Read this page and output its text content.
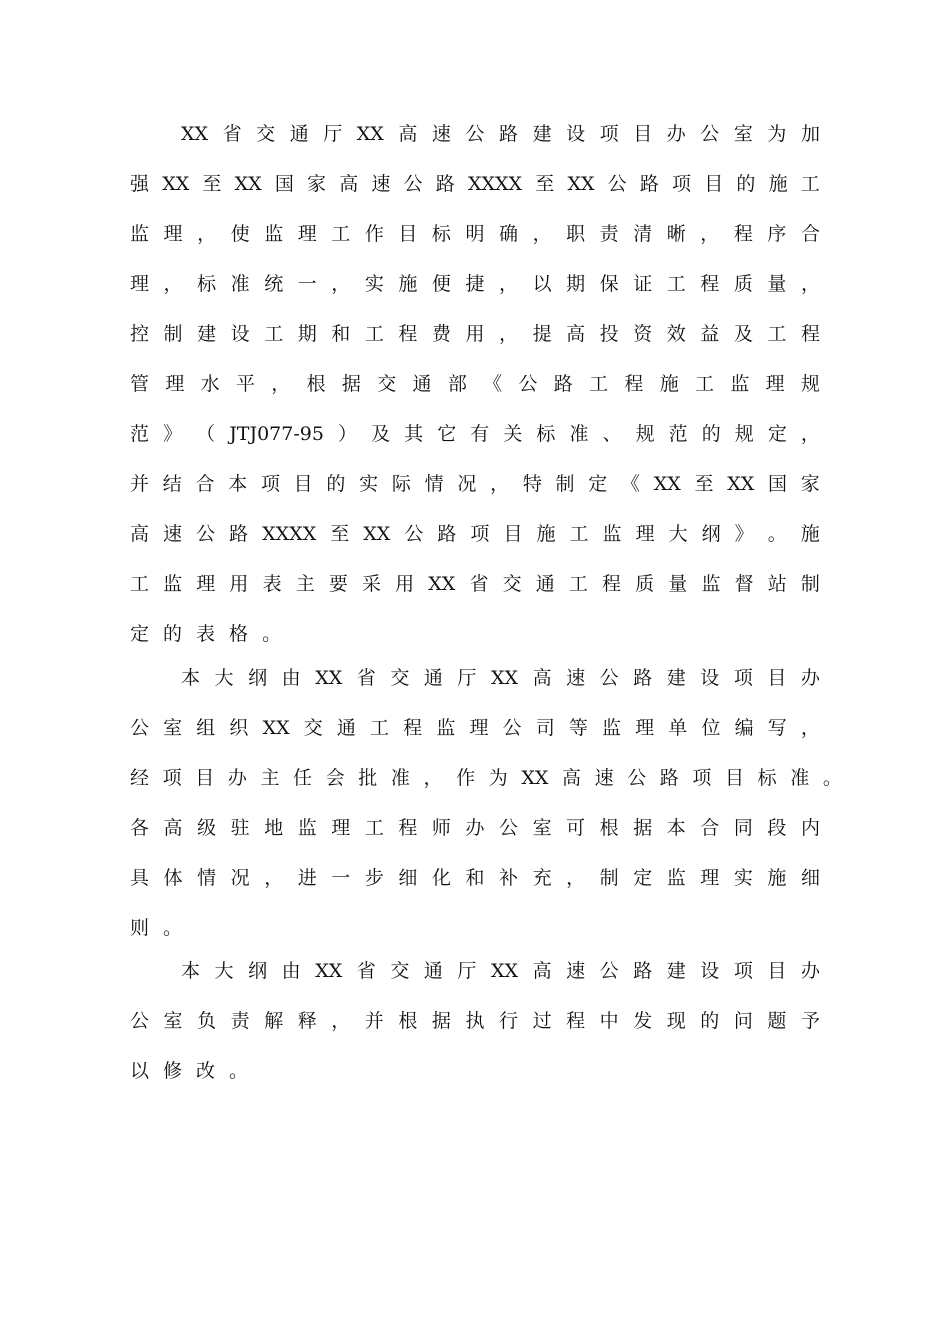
XX 省 交 通 厅 XX 高 速 公 路 建 设 项 目 办 公 室 为 加
强 XX 至 XX 国 家 高 速 公 路 XXXX 至 XX 公 路 项 目 的 施 工
监 理 ， 使 监 理 工 作 目 标 明 确 ， 职 责 清 晰 ， 程 序 合
理 ， 标 准 统 一 ， 实 施 便 捷 ， 以 期 保 证 工 程 质 量 ，
控 制 建 设 工 期 和 工 程 费 用 ， 提 高 投 资 效 益 及 工 程
管 理 水 平 ， 根 据 交 通 部 《 公 路 工 程 施 工 监 理 规
范 》 （ JTJ077-95 ） 及 其 它 有 关 标 准 、 规 范 的 规 定 ，
并 结 合 本 项 目 的 实 际 情 况 ， 特 制 定 《 XX 至 XX 国 家
高 速 公 路 XXXX 至 XX 公 路 项 目 施 工 监 理 大 纲 》 。 施
工 监 理 用 表 主 要 采 用 XX 省 交 通 工 程 质 量 监 督 站 制
定 的 表 格 。
本 大 纲 由 XX 省 交 通 厅 XX 高 速 公 路 建 设 项 目 办
公 室 组 织 XX 交 通 工 程 监 理 公 司 等 监 理 单 位 编 写 ，
经 项 目 办 主 任 会 批 准 ， 作 为 XX 高 速 公 路 项 目 标 准 。
各 高 级 驻 地 监 理 工 程 师 办 公 室 可 根 据 本 合 同 段 内
具 体 情 况 ， 进 一 步 细 化 和 补 充 ， 制 定 监 理 实 施 细
则 。
本 大 纲 由 XX 省 交 通 厅 XX 高 速 公 路 建 设 项 目 办
公 室 负 责 解 释 ， 并 根 据 执 行 过 程 中 发 现 的 问 题 予
以 修 改 。
